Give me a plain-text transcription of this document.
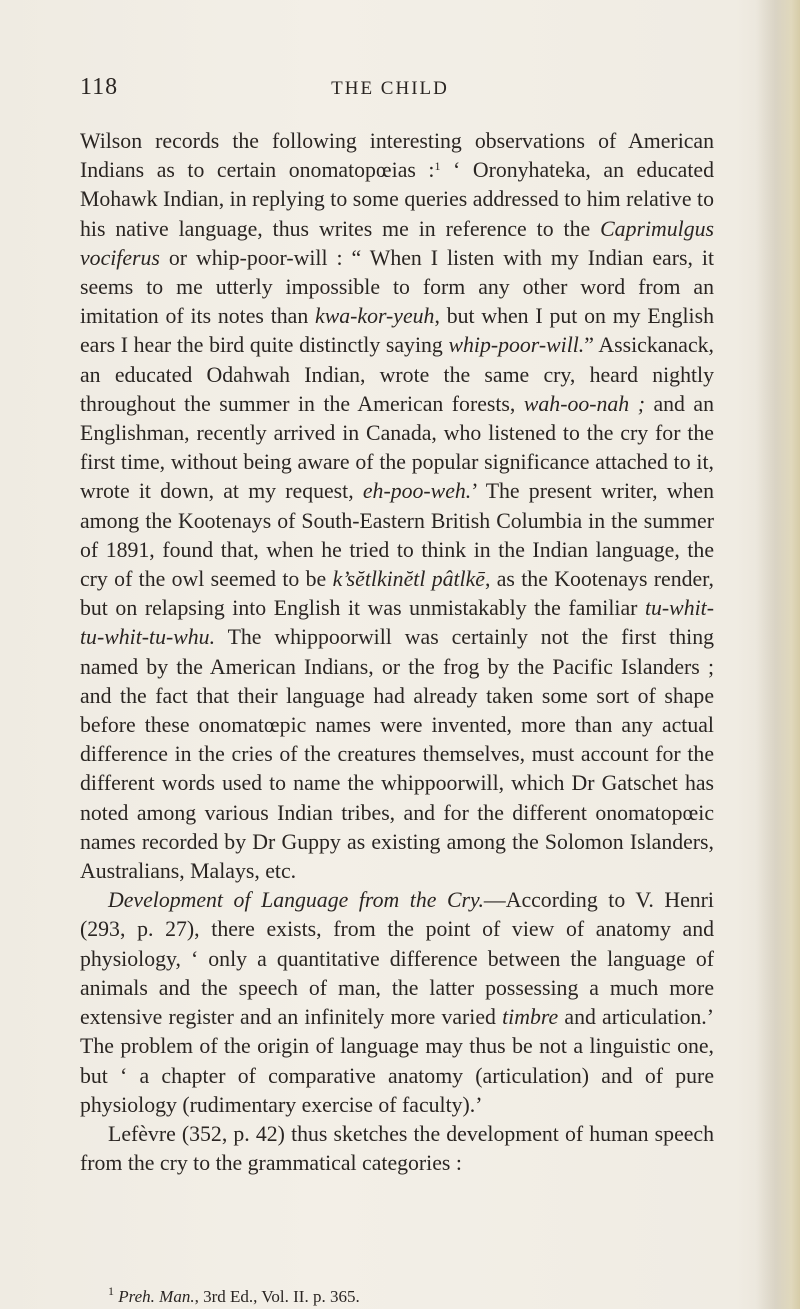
118	THE CHILD

Wilson records the following interesting observations of American Indians as to certain onomatopœias :$^1$ ‘ Oronyhateka, an educated Mohawk Indian, in replying to some queries addressed to him relative to his native language, thus writes me in reference to the Caprimulgus vociferus or whip-poor-will : “ When I listen with my Indian ears, it seems to me utterly impossible to form any other word from an imitation of its notes than kwa-kor-yeuh, but when I put on my English ears I hear the bird quite distinctly saying whip-poor-will.” Assickanack, an educated Odahwah Indian, wrote the same cry, heard nightly throughout the summer in the American forests, wah-oo-nah ; and an Englishman, recently arrived in Canada, who listened to the cry for the first time, without being aware of the popular significance attached to it, wrote it down, at my request, eh-poo-weh.’ The present writer, when among the Kootenays of South-Eastern British Columbia in the summer of 1891, found that, when he tried to think in the Indian language, the cry of the owl seemed to be k’sĕtlkinĕtl pâtlkē, as the Kootenays render, but on relapsing into English it was unmistakably the familiar tu-whit-tu-whit-tu-whu. The whippoorwill was certainly not the first thing named by the American Indians, or the frog by the Pacific Islanders ; and the fact that their language had already taken some sort of shape before these onomatœpic names were invented, more than any actual difference in the cries of the creatures themselves, must account for the different words used to name the whippoorwill, which Dr Gatschet has noted among various Indian tribes, and for the different onomatopœic names recorded by Dr Guppy as existing among the Solomon Islanders, Australians, Malays, etc.

Development of Language from the Cry.—According to V. Henri (293, p. 27), there exists, from the point of view of anatomy and physiology, ‘ only a quantitative difference between the language of animals and the speech of man, the latter possessing a much more extensive register and an infinitely more varied timbre and articulation.’ The problem of the origin of language may thus be not a linguistic one, but ‘ a chapter of comparative anatomy (articulation) and of pure physiology (rudimentary exercise of faculty).’

Lefèvre (352, p. 42) thus sketches the development of human speech from the cry to the grammatical categories :

$^1$ Preh. Man., 3rd Ed., Vol. II. p. 365.
